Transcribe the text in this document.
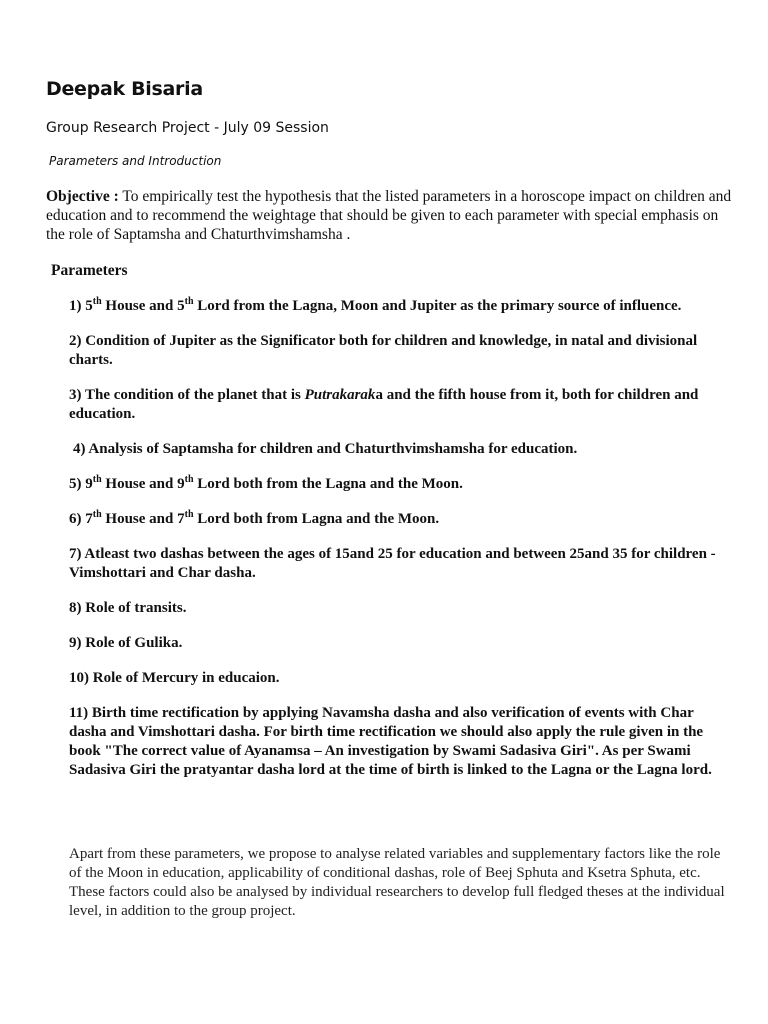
Deepak Bisaria
Group Research Project - July 09 Session
Parameters and Introduction
Objective : To empirically test the hypothesis that the listed parameters in a horoscope impact on children and education and to recommend the weightage that should be given to each parameter with special emphasis on the role of Saptamsha and Chaturthvimshamsha .
Parameters
1) 5th House and 5th Lord from the Lagna, Moon and Jupiter as the primary source of influence.
2) Condition of Jupiter as the Significator both for children and knowledge, in natal and divisional charts.
3) The condition of the planet that is Putrakaraka and the fifth house from it, both for children and education.
4) Analysis of Saptamsha for children and Chaturthvimshamsha for education.
5) 9th House and 9th Lord both from the Lagna and the Moon.
6) 7th House and 7th Lord both from Lagna and the Moon.
7) Atleast two dashas between the ages of 15and 25 for education and between 25and 35 for children - Vimshottari and Char dasha.
8) Role of transits.
9) Role of Gulika.
10) Role of Mercury in educaion.
11) Birth time rectification by applying Navamsha dasha and also verification of events with Char dasha and Vimshottari dasha. For birth time rectification we should also apply the rule given in the book "The correct value of Ayanamsa – An investigation by Swami Sadasiva Giri". As per Swami Sadasiva Giri the pratyantar dasha lord at the time of birth is linked to the Lagna or the Lagna lord.
Apart from these parameters, we propose to analyse related variables and supplementary factors like the role of the Moon in education, applicability of conditional dashas, role of Beej Sphuta and Ksetra Sphuta, etc. These factors could also be analysed by individual researchers to develop full fledged theses at the individual level, in addition to the group project.
